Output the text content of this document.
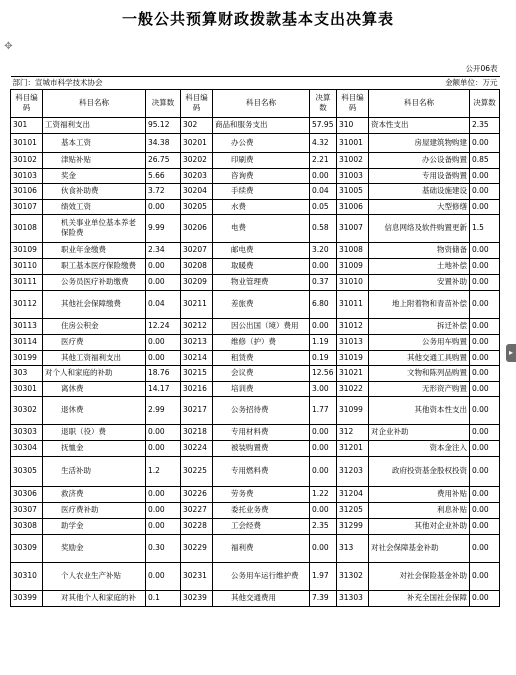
一般公共预算财政拨款基本支出决算表
✥
▸

公开06表								
部门：宣城市科学技术协会					金额单位：万元			
科目编码	科目名称	决算数	科目编码	科目名称	决算数	科目编码	科目名称	决算数
301	工资福利支出	95.12	302	商品和服务支出	57.95	310	资本性支出	2.35
30101	基本工资	34.38	30201	办公费	4.32	31001	房屋建筑物购建	0.00
30102	津贴补贴	26.75	30202	印刷费	2.21	31002	办公设备购置	0.85
30103	奖金	5.66	30203	咨询费	0.00	31003	专用设备购置	0.00
30106	伙食补助费	3.72	30204	手续费	0.04	31005	基础设施建设	0.00
30107	绩效工资	0.00	30205	水费	0.05	31006	大型修缮	0.00
30108	机关事业单位基本养老保险费	9.99	30206	电费	0.58	31007	信息网络及软件购置更新	1.5
30109	职业年金缴费	2.34	30207	邮电费	3.20	31008	物资储备	0.00
30110	职工基本医疗保险缴费	0.00	30208	取暖费	0.00	31009	土地补偿	0.00
30111	公务员医疗补助缴费	0.00	30209	物业管理费	0.37	31010	安置补助	0.00
30112	其他社会保障缴费	0.04	30211	差旅费	6.80	31011	地上附着物和青苗补偿	0.00
30113	住房公积金	12.24	30212	因公出国（境）费用	0.00	31012	拆迁补偿	0.00
30114	医疗费	0.00	30213	维修（护）费	1.19	31013	公务用车购置	0.00
30199	其他工资福利支出	0.00	30214	租赁费	0.19	31019	其他交通工具购置	0.00
303	对个人和家庭的补助	18.76	30215	会议费	12.56	31021	文物和陈列品购置	0.00
30301	离休费	14.17	30216	培训费	3.00	31022	无形资产购置	0.00
30302	退休费	2.99	30217	公务招待费	1.77	31099	其他资本性支出	0.00
30303	退职（役）费	0.00	30218	专用材料费	0.00	312	对企业补助	0.00
30304	抚恤金	0.00	30224	被装购置费	0.00	31201	资本金注入	0.00
30305	生活补助	1.2	30225	专用燃料费	0.00	31203	政府投资基金股权投资	0.00
30306	救济费	0.00	30226	劳务费	1.22	31204	费用补贴	0.00
30307	医疗费补助	0.00	30227	委托业务费	0.00	31205	利息补贴	0.00
30308	助学金	0.00	30228	工会经费	2.35	31299	其他对企业补助	0.00
30309	奖励金	0.30	30229	福利费	0.00	313	对社会保障基金补助	0.00
30310	个人农业生产补贴	0.00	30231	公务用车运行维护费	1.97	31302	对社会保险基金补助	0.00
30399	对其他个人和家庭的补	0.1	30239	其他交通费用	7.39	31303	补充全国社会保障	0.00
